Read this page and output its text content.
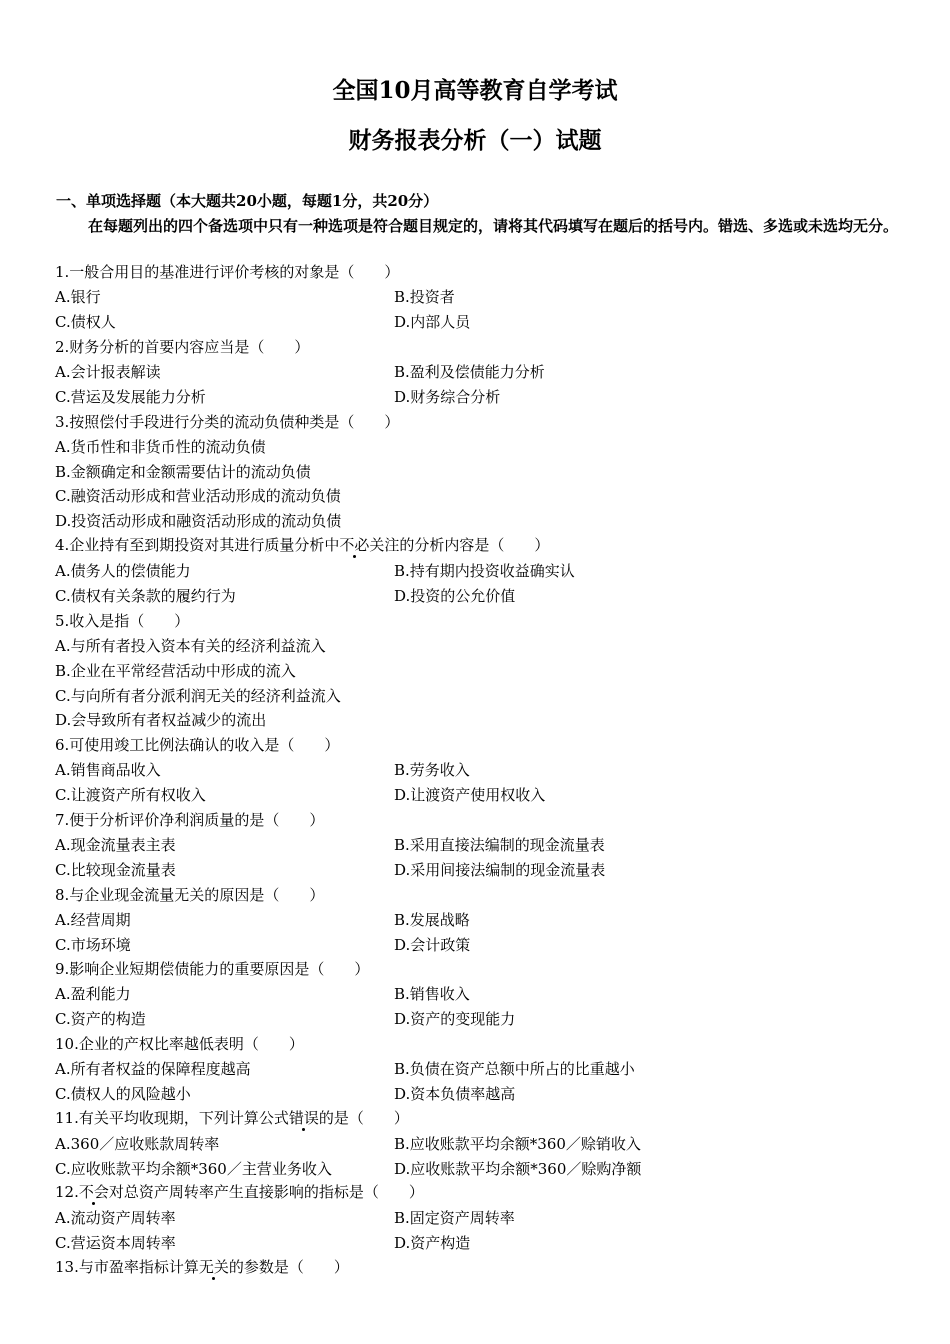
全国10月高等教育自学考试
财务报表分析（一）试题
一、单项选择题（本大题共20小题，每题1分，共20分）
在每题列出的四个备选项中只有一种选项是符合题目规定的，请将其代码填写在题后的括号内。错选、多选或未选均无分。
1.一般合用目的基准进行评价考核的对象是（　　）
A.银行	B.投资者
C.债权人	D.内部人员
2.财务分析的首要内容应当是（　　）
A.会计报表解读	B.盈利及偿债能力分析
C.营运及发展能力分析	D.财务综合分析
3.按照偿付手段进行分类的流动负债种类是（　　）
A.货币性和非货币性的流动负债
B.金额确定和金额需要估计的流动负债
C.融资活动形成和营业活动形成的流动负债
D.投资活动形成和融资活动形成的流动负债
4.企业持有至到期投资对其进行质量分析中不必关注的分析内容是（　　）
A.债务人的偿债能力	B.持有期内投资收益确实认
C.债权有关条款的履约行为	D.投资的公允价值
5.收入是指（　　）
A.与所有者投入资本有关的经济利益流入
B.企业在平常经营活动中形成的流入
C.与向所有者分派利润无关的经济利益流入
D.会导致所有者权益减少的流出
6.可使用竣工比例法确认的收入是（　　）
A.销售商品收入	B.劳务收入
C.让渡资产所有权收入	D.让渡资产使用权收入
7.便于分析评价净利润质量的是（　　）
A.现金流量表主表	B.采用直接法编制的现金流量表
C.比较现金流量表	D.采用间接法编制的现金流量表
8.与企业现金流量无关的原因是（　　）
A.经营周期	B.发展战略
C.市场环境	D.会计政策
9.影响企业短期偿债能力的重要原因是（　　）
A.盈利能力	B.销售收入
C.资产的构造	D.资产的变现能力
10.企业的产权比率越低表明（　　）
A.所有者权益的保障程度越高	B.负债在资产总额中所占的比重越小
C.债权人的风险越小	D.资本负债率越高
11.有关平均收现期，下列计算公式错误的是（　　）
A.360／应收账款周转率	B.应收账款平均余额*360／赊销收入
C.应收账款平均余额*360／主营业务收入	D.应收账款平均余额*360／赊购净额
12.不会对总资产周转率产生直接影响的指标是（　　）
A.流动资产周转率	B.固定资产周转率
C.营运资本周转率	D.资产构造
13.与市盈率指标计算无关的参数是（　　）
